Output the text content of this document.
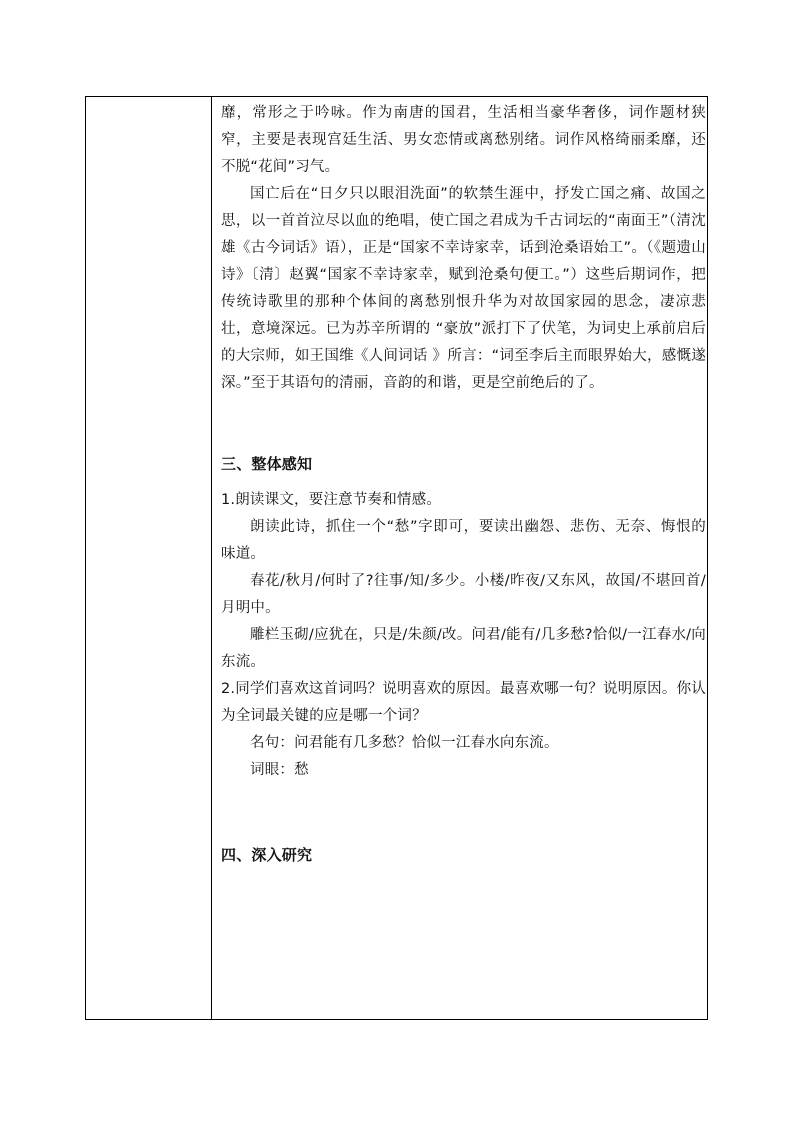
靡，常形之于吟咏。作为南唐的国君，生活相当豪华奢侈，词作题材狭窄，主要是表现宫廷生活、男女恋情或离愁别绪。词作风格绮丽柔靡，还不脱“花间”习气。

国亡后在“日夕只以眼泪洗面”的软禁生涯中，抒发亡国之痛、故国之思，以一首首泣尽以血的绝唱，使亡国之君成为千古词坛的“南面王”（清沈雄《古今词话》语），正是“国家不幸诗家幸，话到沧桑语始工”。（《题遗山诗》〔清〕赵翼“国家不幸诗家幸，赋到沧桑句便工。”）这些后期词作，把传统诗歌里的那种个体间的离愁别恨升华为对故国家园的思念，凄凉悲壮，意境深远。已为苏辛所谓的 “豪放”派打下了伏笔，为词史上承前启后的大宗师，如王国维《人间词话 》所言：“词至李后主而眼界始大，感慨遂深。”至于其语句的清丽，音韵的和谐，更是空前绝后的了。

三、整体感知

1.朗读课文，要注意节奏和情感。

朗读此诗，抓住一个“愁”字即可，要读出幽怨、悲伤、无奈、悔恨的味道。

春花/秋月/何时了?往事/知/多少。小楼/昨夜/又东风，故国/不堪回首/月明中。

雕栏玉砌/应犹在，只是/朱颜/改。问君/能有/几多愁?恰似/一江春水/向东流。

2.同学们喜欢这首词吗？说明喜欢的原因。最喜欢哪一句？说明原因。你认为全词最关键的应是哪一个词？

名句：问君能有几多愁？恰似一江春水向东流。

词眼：愁

四、深入研究
